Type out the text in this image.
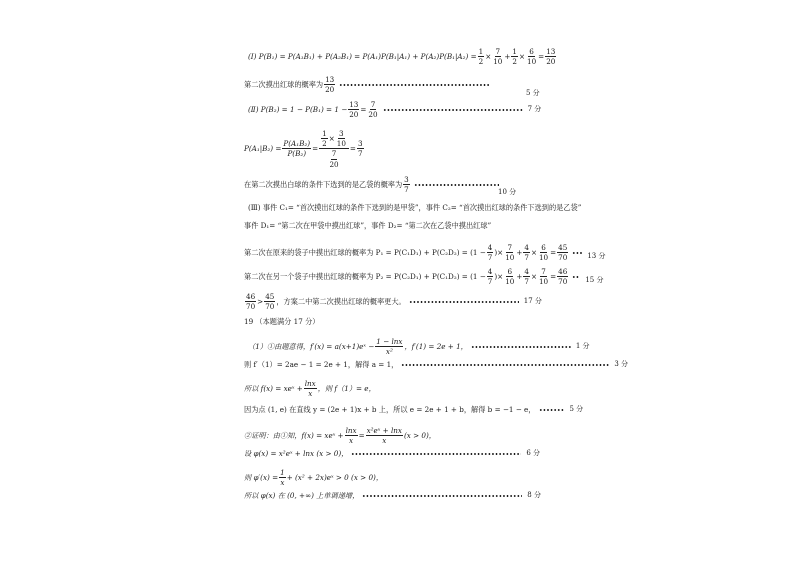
(Ⅰ) $P(B_1) = P(A_1B_1) + P(A_2B_1) = P(A_1)P(B_1|A_1) + P(A_2)P(B_1|A_2) = \frac{1}{2} \times \frac{7}{10} + \frac{1}{2} \times \frac{6}{10} = \frac{13}{20}$
第二次摸出红球的概率为 $\frac{13}{20}$	5 分
(Ⅱ) $P(B_2) = 1 - P(B_1) = 1 - \frac{13}{20} = \frac{7}{20}$	7 分
$P(A_1|B_2) = \frac{\text{P(A₁B₂)}}{\text{P(B₂)}} = \frac{\frac{1}{2} \times \frac{3}{10}}{\frac{7}{20}} = \frac{3}{7}$
在第二次摸出白球的条件下选到的是乙袋的概率为 $\frac{3}{7}$	10 分
(Ⅲ) 事件 C₁= “首次摸出红球的条件下选到的是甲袋”，事件 C₂= “首次摸出红球的条件下选到的是乙袋”
事件 D₁= “第二次在甲袋中摸出红球”，事件 D₂= “第二次在乙袋中摸出红球”
第二次在原来的袋子中摸出红球的概率为 $P_1 = P(C_1D_1) + P(C_2D_2) = (1 - \frac{4}{7}$ )× $\frac{7}{10} + \frac{4}{7} \times \frac{6}{10} = \frac{45}{70}$	13 分
第二次在另一个袋子中摸出红球的概率为 $P_2 = P(C_2D_1) + P(C_1D_2) = (1 - \frac{4}{7}$ )× $\frac{6}{10} + \frac{4}{7} \times \frac{7}{10} = \frac{46}{70} 15$ 分
$\frac{46}{70} > \frac{45}{70}$ ，方案二中第二次摸出红球的概率更大。	17 分
19 （本题满分 17 分）
（1）①由题意得，f′(x) = a(x+1)eˣ − $\frac{1 - \ln x}{\text{x²}}$ ，f′(1) = 2e + 1，	1 分
则 f′（1）= 2ae − 1 = 2e + 1，解得 a = 1，	3 分
所以 f(x) = xeˣ + $\frac{\ln x}{x}$ ，则 f（1）= e，
因为点 (1, e) 在直线 y = (2e + 1)x + b 上，所以 e = 2e + 1 + b，解得 b = −1 − e，	5 分
②证明：由①知，f(x) = xeˣ + $\frac{\ln x}{x} = \frac{\text{x²eˣ + lnx}}{x} (x > 0)$，
设 φ(x) = x²eˣ + lnx (x > 0)，	6 分
则 $\varphi'(x) = \frac{1}{x} + (x^2$ + 2x)eˣ > 0 (x > 0)，
所以 φ(x) 在 (0, +∞) 上单调递增，	8 分
